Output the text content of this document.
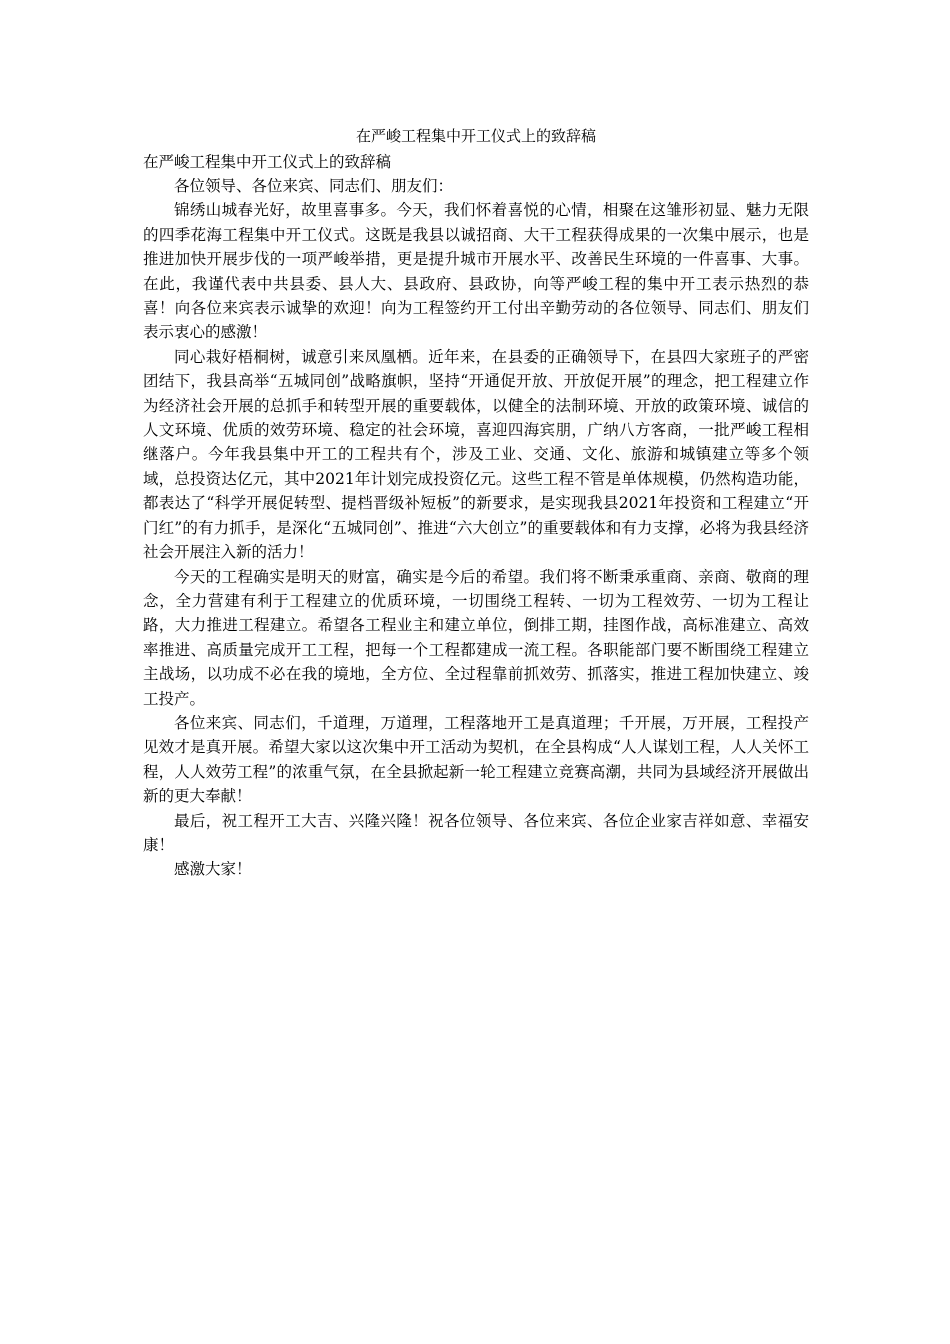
在严峻工程集中开工仪式上的致辞稿

在严峻工程集中开工仪式上的致辞稿

各位领导、各位来宾、同志们、朋友们：

锦绣山城春光好，故里喜事多。今天，我们怀着喜悦的心情，相聚在这雏形初显、魅力无限的四季花海工程集中开工仪式。这既是我县以诚招商、大干工程获得成果的一次集中展示，也是推进加快开展步伐的一项严峻举措，更是提升城市开展水平、改善民生环境的一件喜事、大事。在此，我谨代表中共县委、县人大、县政府、县政协，向等严峻工程的集中开工表示热烈的恭喜！向各位来宾表示诚挚的欢迎！向为工程签约开工付出辛勤劳动的各位领导、同志们、朋友们表示衷心的感激！

同心栽好梧桐树，诚意引来凤凰栖。近年来，在县委的正确领导下，在县四大家班子的严密团结下，我县高举“五城同创”战略旗帜，坚持“开通促开放、开放促开展”的理念，把工程建立作为经济社会开展的总抓手和转型开展的重要载体，以健全的法制环境、开放的政策环境、诚信的人文环境、优质的效劳环境、稳定的社会环境，喜迎四海宾朋，广纳八方客商，一批严峻工程相继落户。今年我县集中开工的工程共有个，涉及工业、交通、文化、旅游和城镇建立等多个领域，总投资达亿元，其中2021年计划完成投资亿元。这些工程不管是单体规模，仍然构造功能，都表达了“科学开展促转型、提档晋级补短板”的新要求，是实现我县2021年投资和工程建立“开门红”的有力抓手，是深化“五城同创”、推进“六大创立”的重要载体和有力支撑，必将为我县经济社会开展注入新的活力！

今天的工程确实是明天的财富，确实是今后的希望。我们将不断秉承重商、亲商、敬商的理念，全力营建有利于工程建立的优质环境，一切围绕工程转、一切为工程效劳、一切为工程让路，大力推进工程建立。希望各工程业主和建立单位，倒排工期，挂图作战，高标准建立、高效率推进、高质量完成开工工程，把每一个工程都建成一流工程。各职能部门要不断围绕工程建立主战场，以功成不必在我的境地，全方位、全过程靠前抓效劳、抓落实，推进工程加快建立、竣工投产。

各位来宾、同志们，千道理，万道理，工程落地开工是真道理；千开展，万开展，工程投产见效才是真开展。希望大家以这次集中开工活动为契机，在全县构成“人人谋划工程，人人关怀工程，人人效劳工程”的浓重气氛，在全县掀起新一轮工程建立竞赛高潮，共同为县域经济开展做出新的更大奉献！

最后，祝工程开工大吉、兴隆兴隆！祝各位领导、各位来宾、各位企业家吉祥如意、幸福安康！

感激大家！
